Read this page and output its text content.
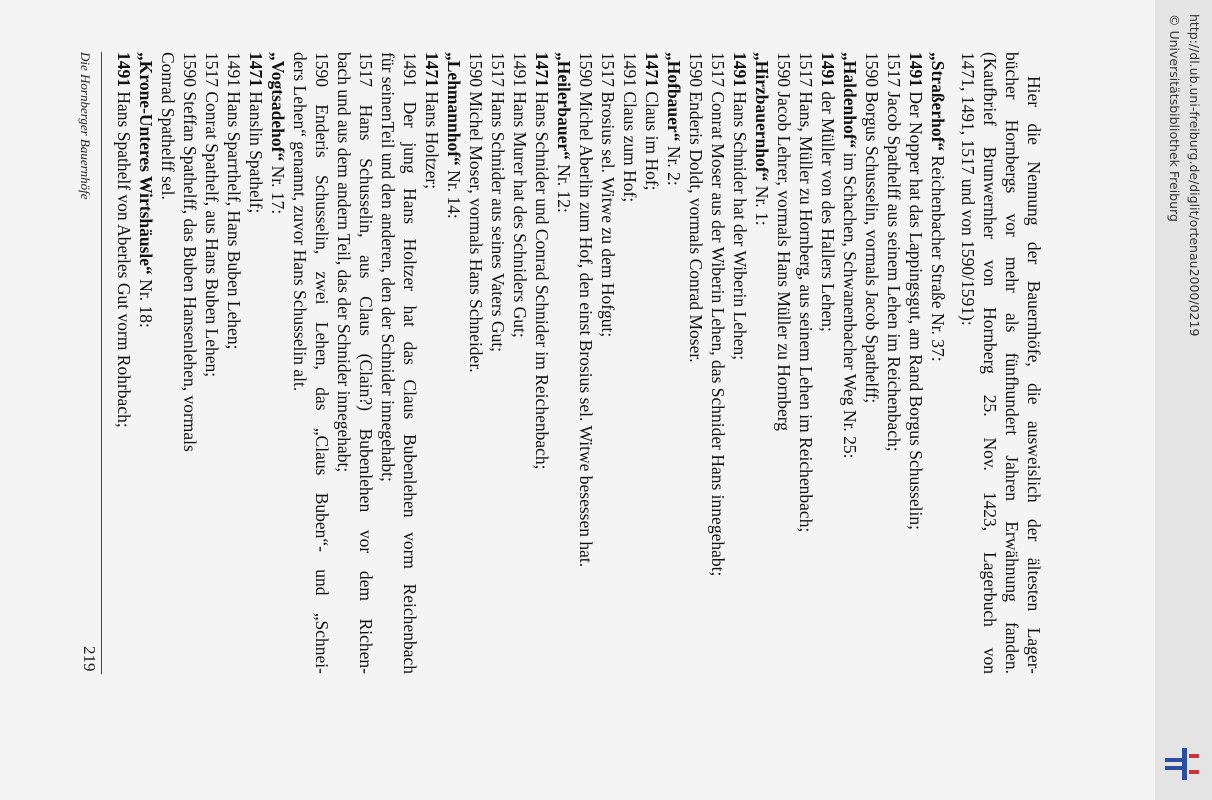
Die Hornberger Bauernhöfe
219	Hier die Nennung der Bauernhöfe, die ausweislich der ältesten Lager-
bücher Hornbergs vor mehr als fünfhundert Jahren Erwähnung fanden.
(Kaufbrief Brunwernher von Hornberg 25. Nov. 1423, Lagerbuch von
1471, 1491, 1517 und von 1590/1591):
„Straßerhof“ Reichenbacher Straße Nr. 37:
1491 Der Nopper hat das Lappingsgut, am Rand Borgus Schusselin;
1517 Jacob Spathelff aus seinem Lehen im Reichenbach;
1590 Borgus Schusselin, vormals Jacob Spathelff;
„Haldenhof“ im Schachen, Schwanenbacher Weg Nr. 25:
1491 der Müller von des Hallers Lehen;
1517 Hans, Müller zu Hornberg, aus seinem Lehen im Reichenbach;
1590 Jacob Lehrer, vormals Hans Müller zu Hornberg
„Hirzbauernhof“ Nr. 1:
1491 Hans Schnider hat der Wiberin Lehen;
1517 Conrat Moser aus der Wiberin Lehen, das Schnider Hans innegehabt;
1590 Enderis Doldt, vormals Conrad Moser.
„Hofbauer“ Nr. 2:
1471 Claus im Hof;
1491 Claus zum Hof;
1517 Brosius sel. Witwe zu dem Hofgut;
1590 Michel Aberlin zum Hof, den einst Brosius sel. Witwe besessen hat.
„Heilerbauer“ Nr. 12:
1471 Hans Schnider und Conrad Schnider im Reichenbach;
1491 Hans Murer hat des Schniders Gut;
1517 Hans Schnider aus seines Vaters Gut;
1590 Michel Moser, vormals Hans Schneider.
„Lehmannhof“ Nr. 14:
1471 Hans Holtzer;
1491 Der jung Hans Holtzer hat das Claus Bubenlehen vorm Reichenbach
für seinenTeil und den anderen, den der Schnider innegehabt;
1517 Hans Schusselin, aus Claus (Clain?) Bubenlehen vor dem Richen-
bach und aus dem andern Teil, das der Schnider innegehabt;
1590 Enderis Schusselin, zwei Lehen, das „Claus Buben“- und „Schnei-
ders Lehen“ genannt, zuvor Hans Schusselin alt.
„Vogtsadehof“ Nr. 17:
1471 Hanslin Spathelf;
1491 Hans Sparrthelf, Hans Buben Lehen;
1517 Conrat Spathelf, aus Hans Buben Lehen;
1590 Steffan Spathelff, das Buben Hansenlehen, vormals
Conrad Spathelff sel.
„Krone-Unteres Wirtshäusle“ Nr. 18:
1491 Hans Spathelf von Aberles Gut vorm Rohrbach;	http://dl.ub.uni-freiburg.de/diglit/ortenau2000/0219
© Universitätsbibliothek Freiburg
